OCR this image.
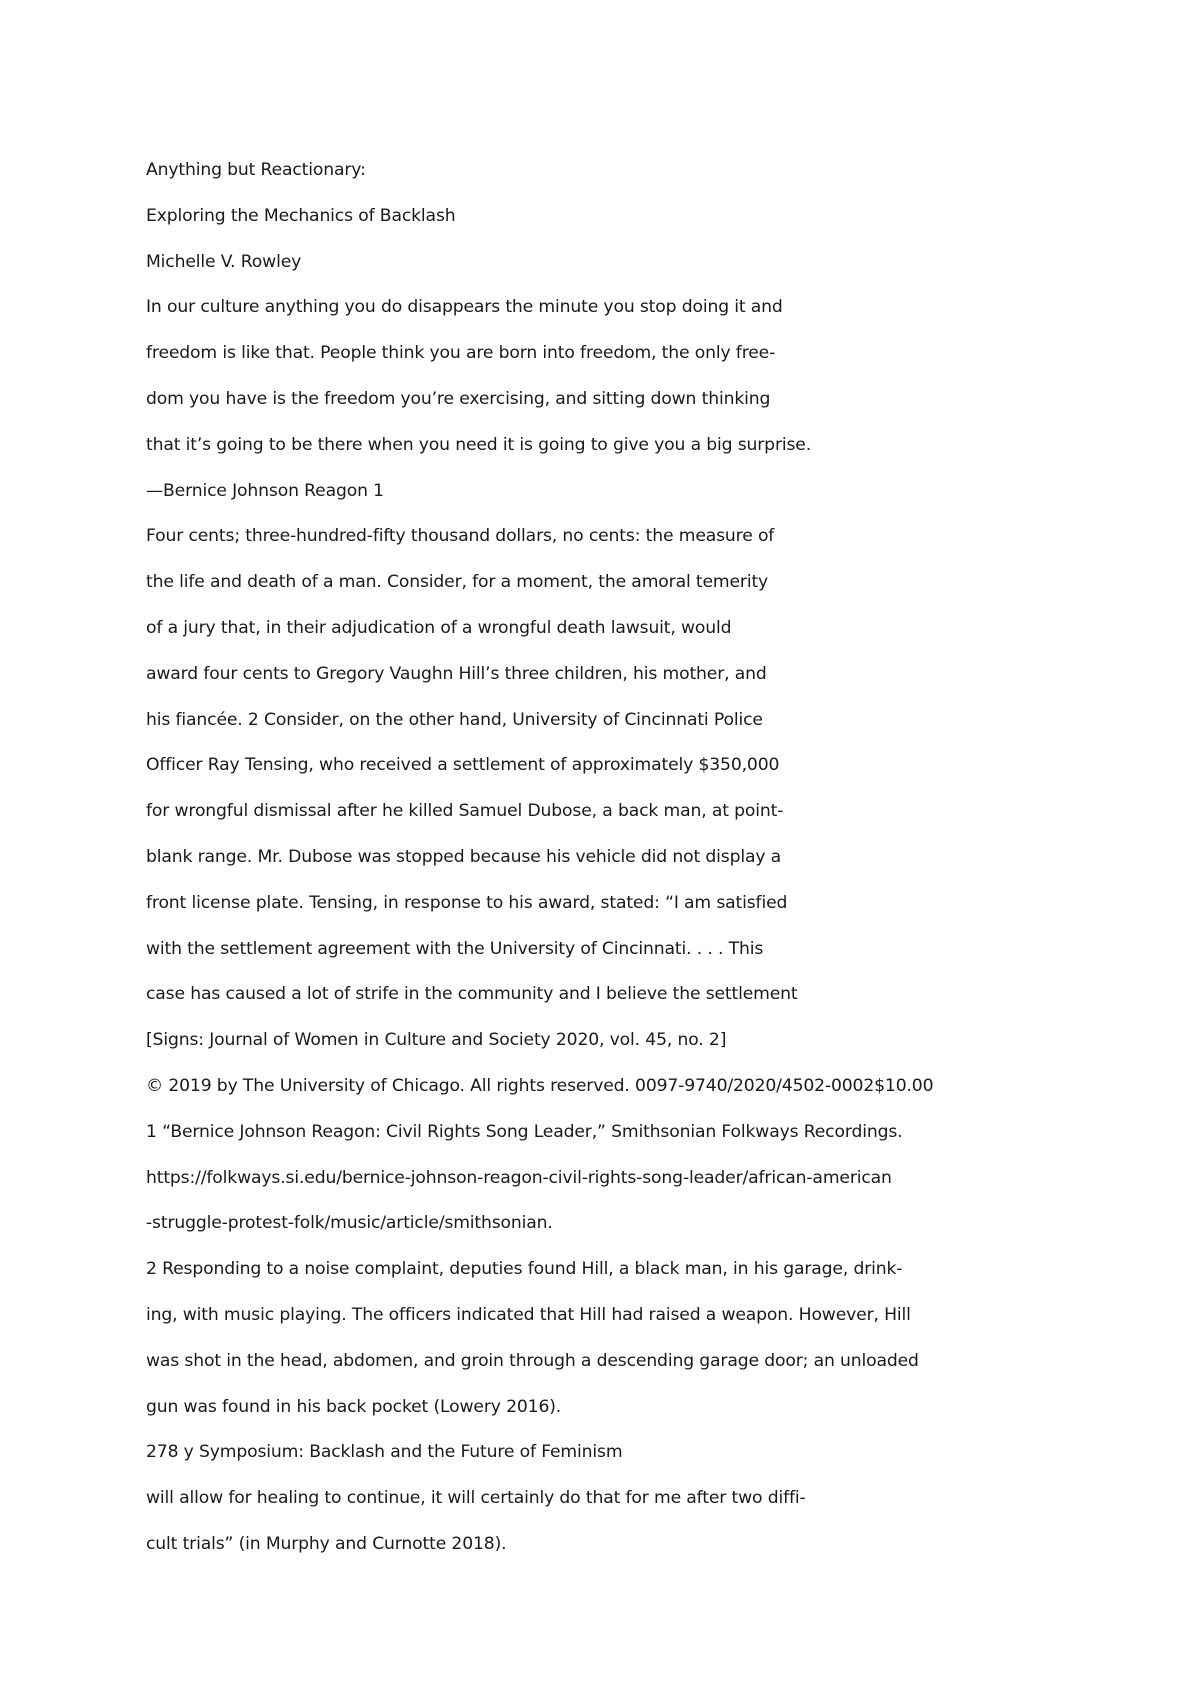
Anything but Reactionary:
Exploring the Mechanics of Backlash
Michelle V. Rowley
In our culture anything you do disappears the minute you stop doing it and
freedom is like that. People think you are born into freedom, the only free-
dom you have is the freedom you’re exercising, and sitting down thinking
that it’s going to be there when you need it is going to give you a big surprise.
—Bernice Johnson Reagon 1
Four cents; three-hundred-fifty thousand dollars, no cents: the measure of
the life and death of a man. Consider, for a moment, the amoral temerity
of a jury that, in their adjudication of a wrongful death lawsuit, would
award four cents to Gregory Vaughn Hill’s three children, his mother, and
his fiancée. 2 Consider, on the other hand, University of Cincinnati Police
Officer Ray Tensing, who received a settlement of approximately $350,000
for wrongful dismissal after he killed Samuel Dubose, a back man, at point-
blank range. Mr. Dubose was stopped because his vehicle did not display a
front license plate. Tensing, in response to his award, stated: “I am satisfied
with the settlement agreement with the University of Cincinnati. . . . This
case has caused a lot of strife in the community and I believe the settlement
[Signs: Journal of Women in Culture and Society 2020, vol. 45, no. 2]
© 2019 by The University of Chicago. All rights reserved. 0097-9740/2020/4502-0002$10.00
1 “Bernice Johnson Reagon: Civil Rights Song Leader,” Smithsonian Folkways Recordings.
https://folkways.si.edu/bernice-johnson-reagon-civil-rights-song-leader/african-american
-struggle-protest-folk/music/article/smithsonian.
2 Responding to a noise complaint, deputies found Hill, a black man, in his garage, drink-
ing, with music playing. The officers indicated that Hill had raised a weapon. However, Hill
was shot in the head, abdomen, and groin through a descending garage door; an unloaded
gun was found in his back pocket (Lowery 2016).
278 y Symposium: Backlash and the Future of Feminism
will allow for healing to continue, it will certainly do that for me after two diffi-
cult trials” (in Murphy and Curnotte 2018).
